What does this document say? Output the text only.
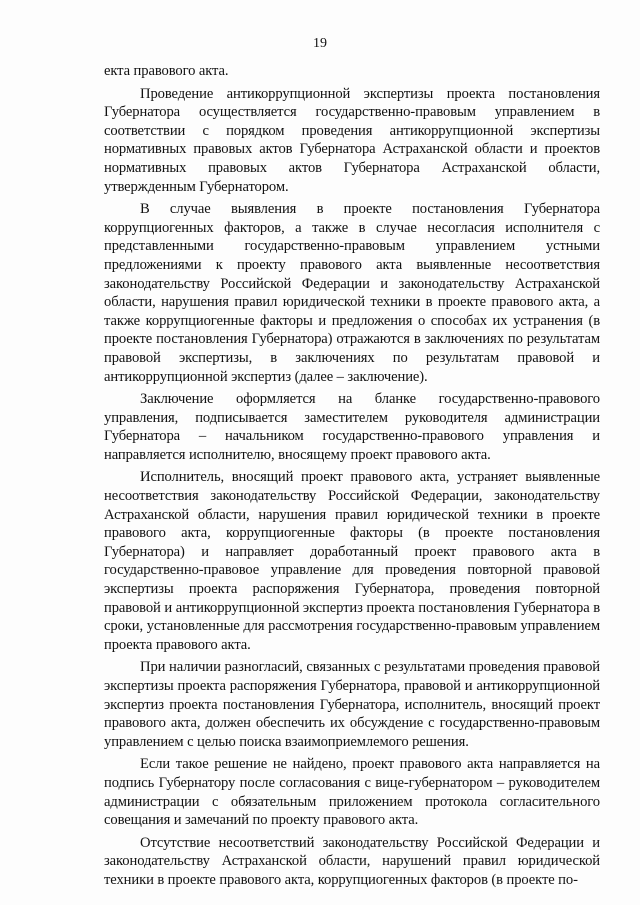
19

екта правового акта.

Проведение антикоррупционной экспертизы проекта постановления Губернатора осуществляется государственно-правовым управлением в соответствии с порядком проведения антикоррупционной экспертизы нормативных правовых актов Губернатора Астраханской области и проектов нормативных правовых актов Губернатора Астраханской области, утвержденным Губернатором.

В случае выявления в проекте постановления Губернатора коррупциогенных факторов, а также в случае несогласия исполнителя с представленными государственно-правовым управлением устными предложениями к проекту правового акта выявленные несоответствия законодательству Российской Федерации и законодательству Астраханской области, нарушения правил юридической техники в проекте правового акта, а также коррупциогенные факторы и предложения о способах их устранения (в проекте постановления Губернатора) отражаются в заключениях по результатам правовой экспертизы, в заключениях по результатам правовой и антикоррупционной экспертиз (далее – заключение).

Заключение оформляется на бланке государственно-правового управления, подписывается заместителем руководителя администрации Губернатора – начальником государственно-правового управления и направляется исполнителю, вносящему проект правового акта.

Исполнитель, вносящий проект правового акта, устраняет выявленные несоответствия законодательству Российской Федерации, законодательству Астраханской области, нарушения правил юридической техники в проекте правового акта, коррупциогенные факторы (в проекте постановления Губернатора) и направляет доработанный проект правового акта в государственно-правовое управление для проведения повторной правовой экспертизы проекта распоряжения Губернатора, проведения повторной правовой и антикоррупционной экспертиз проекта постановления Губернатора в сроки, установленные для рассмотрения государственно-правовым управлением проекта правового акта.

При наличии разногласий, связанных с результатами проведения правовой экспертизы проекта распоряжения Губернатора, правовой и антикоррупционной экспертиз проекта постановления Губернатора, исполнитель, вносящий проект правового акта, должен обеспечить их обсуждение с государственно-правовым управлением с целью поиска взаимоприемлемого решения.

Если такое решение не найдено, проект правового акта направляется на подпись Губернатору после согласования с вице-губернатором – руководителем администрации с обязательным приложением протокола согласительного совещания и замечаний по проекту правового акта.

Отсутствие несоответствий законодательству Российской Федерации и законодательству Астраханской области, нарушений правил юридической техники в проекте правового акта, коррупциогенных факторов (в проекте по-
